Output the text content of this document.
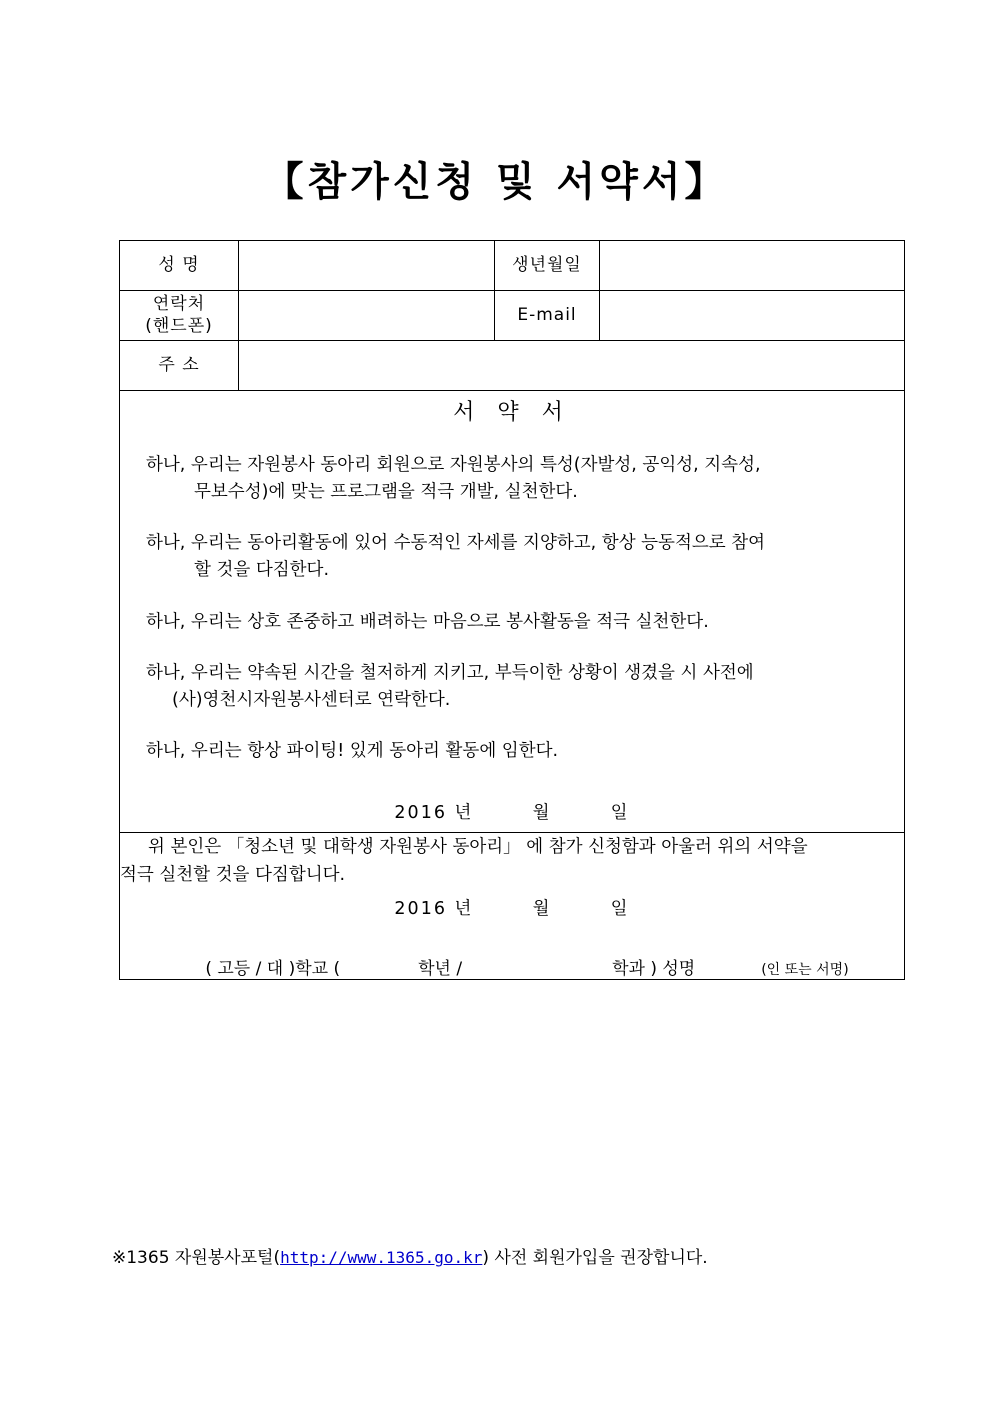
【참가신청 및 서약서】
성 명		생년월일	

연락처
(핸드폰)		E-mail	
주 소			

서 약 서

하나, 우리는 자원봉사 동아리 회원으로 자원봉사의 특성(자발성, 공익성, 지속성,
무보수성)에 맞는 프로그램을 적극 개발, 실천한다.

하나, 우리는 동아리활동에 있어 수동적인 자세를 지양하고, 항상 능동적으로 참여
할 것을 다짐한다.

하나, 우리는 상호 존중하고 배려하는 마음으로 봉사활동을 적극 실천한다.

하나, 우리는 약속된 시간을 철저하게 지키고, 부득이한 상황이 생겼을 시 사전에
(사)영천시자원봉사센터로 연락한다.

하나, 우리는 항상 파이팅! 있게 동아리 활동에 임한다.

2016 년	월	일

위 본인은 「청소년 및 대학생 자원봉사 동아리」 에 참가 신청함과 아울러 위의 서약을

적극 실천할 것을 다짐합니다.

2016 년	월	일
( 고등 / 대 )학교 (	학년 /	학과 ) 성명	(인 또는 서명)
※1365 자원봉사포털(http://www.1365.go.kr) 사전 회원가입을 권장합니다.
